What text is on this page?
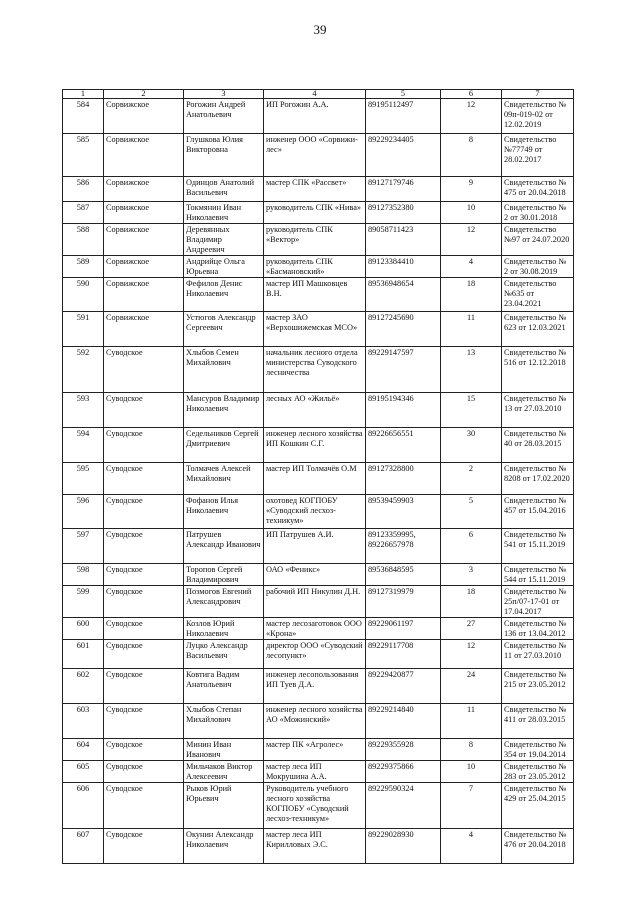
39
1	2	3	4	5	6	7
584	Сорвижское	Рогожин Андрей Анатольевич	ИП Рогожин А.А.	89195112497	12	Свидетельство № 09п-019-02 от 12.02.2019
585	Сорвижское	Глушкова Юлия Викторовна	инженер ООО «Сорвижи-лес»	89229234405	8	Свидетельство №77749 от 28.02.2017
586	Сорвижское	Одинцов Анатолий Васильевич	мастер СПК «Рассвет»	89127179746	9	Свидетельство № 475 от 20.04.2018
587	Сорвижское	Токмянин Иван Николаевич	руководитель СПК «Нива»	89127352380	10	Свидетельство № 2 от 30.01.2018
588	Сорвижское	Деревянных Владимир Андреевич	руководитель СПК «Вектор»	89058711423	12	Свидетельство №97 от 24.07.2020
589	Сорвижское	Андрийце Ольга Юрьевна	руководитель СПК «Басмановский»	89123384410	4	Свидетельство № 2 от 30.08.2019
590	Сорвижское	Фефилов Денис Николаевич	мастер ИП Машковцев В.Н.	89536948654	18	Свидетельство №635 от 23.04.2021
591	Сорвижское	Устюгов Александр Сергеевич	мастер ЗАО «Верхошижемская МСО»	89127245690	11	Свидетельство № 623 от 12.03.2021
592	Суводское	Хлыбов Семен Михайлович	начальник лесного отдела министерства Суводского лесничества	89229147597	13	Свидетельство № 516 от 12.12.2018
593	Суводское	Мансуров Владимир Николаевич	лесных АО «Жильё»	89195194346	15	Свидетельство № 13 от 27.03.2010
594	Суводское	Седельников Сергей Дмитриевич	инженер лесного хозяйства ИП Кошкин С.Г.	89226656551	30	Свидетельство № 40 от 28.03.2015
595	Суводское	Толмачев Алексей Михайлович	мастер ИП Толмачёв О.М	89127328800	2	Свидетельство № 8208 от 17.02.2020
596	Суводское	Фофанов Илья Николаевич	охотовед КОГПОБУ «Суводский лесхоз-техникум»	89539459903	5	Свидетельство № 457 от 15.04.2016
597	Суводское	Патрушев Александр Иванович	ИП Патрушев А.И.	89123359995, 89226657978	6	Свидетельство № 541 от 15.11.2019
598	Суводское	Торопов Сергей Владимирович	ОАО «Феникс»	89536848595	3	Свидетельство № 544 от 15.11.2019
599	Суводское	Позмогов Евгений Александрович	рабочий ИП Никулин Д.Н.	89127319979	18	Свидетельство № 25п/07-17-01 от 17.04.2017
600	Суводское	Козлов Юрий Николаевич	мастер лесозаготовок ООО «Крона»	89229061197	27	Свидетельство № 136 от 13.04.2012
601	Суводское	Луцко Александр Васильевич	директор ООО «Суводский лесопункт»	89229117708	12	Свидетельство № 11 от 27.03.2010
602	Суводское	Ковтига Вадим Анатольевич	инженер лесопользования ИП Туев Д.А.	89229420877	24	Свидетельство № 215 от 23.05.2012
603	Суводское	Хлыбов Степан Михайлович	инженер лесного хозяйства АО «Можинский»	89229214840	11	Свидетельство № 411 от 28.03.2015
604	Суводское	Минин Иван Иванович	мастер ПК «Агролес»	89229355928	8	Свидетельство № 354 от 19.04.2014
605	Суводское	Мильчаков Виктор Алексеевич	мастер леса ИП Мокрушина А.А.	89229375866	10	Свидетельство № 283 от 23.05.2012
606	Суводское	Рыков Юрий Юрьевич	Руководитель учебного лесного хозяйства КОГПОБУ «Суводский лесхоз-техникум»	89229590324	7	Свидетельство № 429 от 25.04.2015
607	Суводское	Окунин Александр Николаевич	мастер леса ИП Кирилловых Э.С.	89229028930	4	Свидетельство № 476 от 20.04.2018
